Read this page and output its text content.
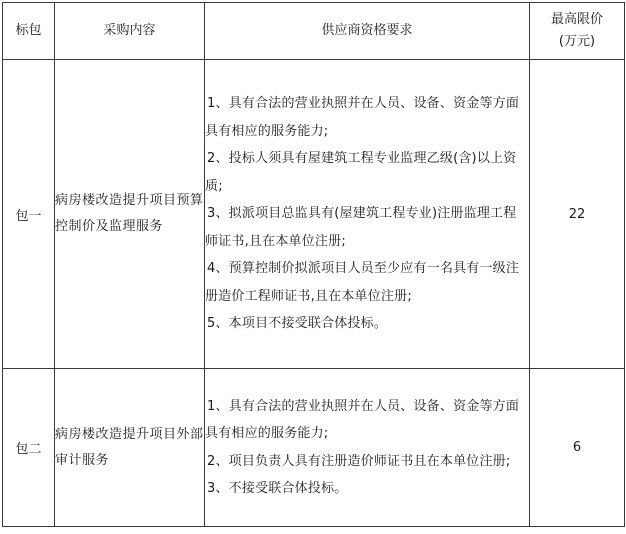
标包	采购内容	供应商资格要求	最高限价
(万元)
包一	病房楼改造提升项目预算控制价及监理服务	1、具有合法的营业执照并在人员、设备、资金等方面具有相应的服务能力;

2、投标人须具有屋建筑工程专业监理乙级(含)以上资质;

3、拟派项目总监具有(屋建筑工程专业)注册监理工程师证书,且在本单位注册;

4、预算控制价拟派项目人员至少应有一名具有一级注册造价工程师证书,且在本单位注册;

5、本项目不接受联合体投标。	22
包二	病房楼改造提升项目外部审计服务	1、具有合法的营业执照并在人员、设备、资金等方面具有相应的服务能力;

2、项目负责人具有注册造价师证书且在本单位注册;

3、不接受联合体投标。	6
